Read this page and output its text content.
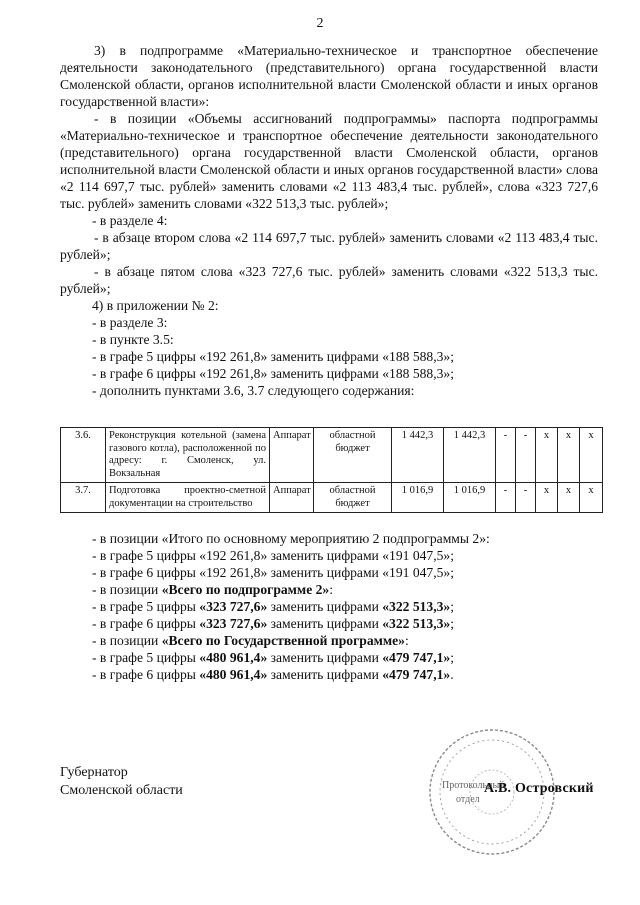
2

3) в подпрограмме «Материально-техническое и транспортное обеспечение деятельности законодательного (представительного) органа государственной власти Смоленской области, органов исполнительной власти Смоленской области и иных органов государственной власти»:

- в позиции «Объемы ассигнований подпрограммы» паспорта подпрограммы «Материально-техническое и транспортное обеспечение деятельности законодательного (представительного) органа государственной власти Смоленской области, органов исполнительной власти Смоленской области и иных органов государственной власти» слова «2 114 697,7 тыс. рублей» заменить словами «2 113 483,4 тыс. рублей», слова «323 727,6 тыс. рублей» заменить словами «322 513,3 тыс. рублей»;

- в разделе 4:

- в абзаце втором слова «2 114 697,7 тыс. рублей» заменить словами «2 113 483,4 тыс. рублей»;

- в абзаце пятом слова «323 727,6 тыс. рублей» заменить словами «322 513,3 тыс. рублей»;

4) в приложении № 2:

- в разделе 3:

- в пункте 3.5:

- в графе 5 цифры «192 261,8» заменить цифрами «188 588,3»;

- в графе 6 цифры «192 261,8» заменить цифрами «188 588,3»;

- дополнить пунктами 3.6, 3.7 следующего содержания:

3.6.	Реконструкция котельной (замена газового котла), расположенной по адресу: г. Смоленск, ул. Вокзальная	Аппарат	областной бюджет	1 442,3	1 442,3	-	-	х	х	х
3.7.	Подготовка проектно-сметной документации на строительство	Аппарат	областной бюджет	1 016,9	1 016,9	-	-	х	х	х

- в позиции «Итого по основному мероприятию 2 подпрограммы 2»:

- в графе 5 цифры «192 261,8» заменить цифрами «191 047,5»;

- в графе 6 цифры «192 261,8» заменить цифрами «191 047,5»;

- в позиции «Всего по подпрограмме 2»:

- в графе 5 цифры «323 727,6» заменить цифрами «322 513,3»;

- в графе 6 цифры «323 727,6» заменить цифрами «322 513,3»;

- в позиции «Всего по Государственной программе»:

- в графе 5 цифры «480 961,4» заменить цифрами «479 747,1»;

- в графе 6 цифры «480 961,4» заменить цифрами «479 747,1».

Протокольный
отдел

Губернатор

Смоленской области	А.В. Островский
